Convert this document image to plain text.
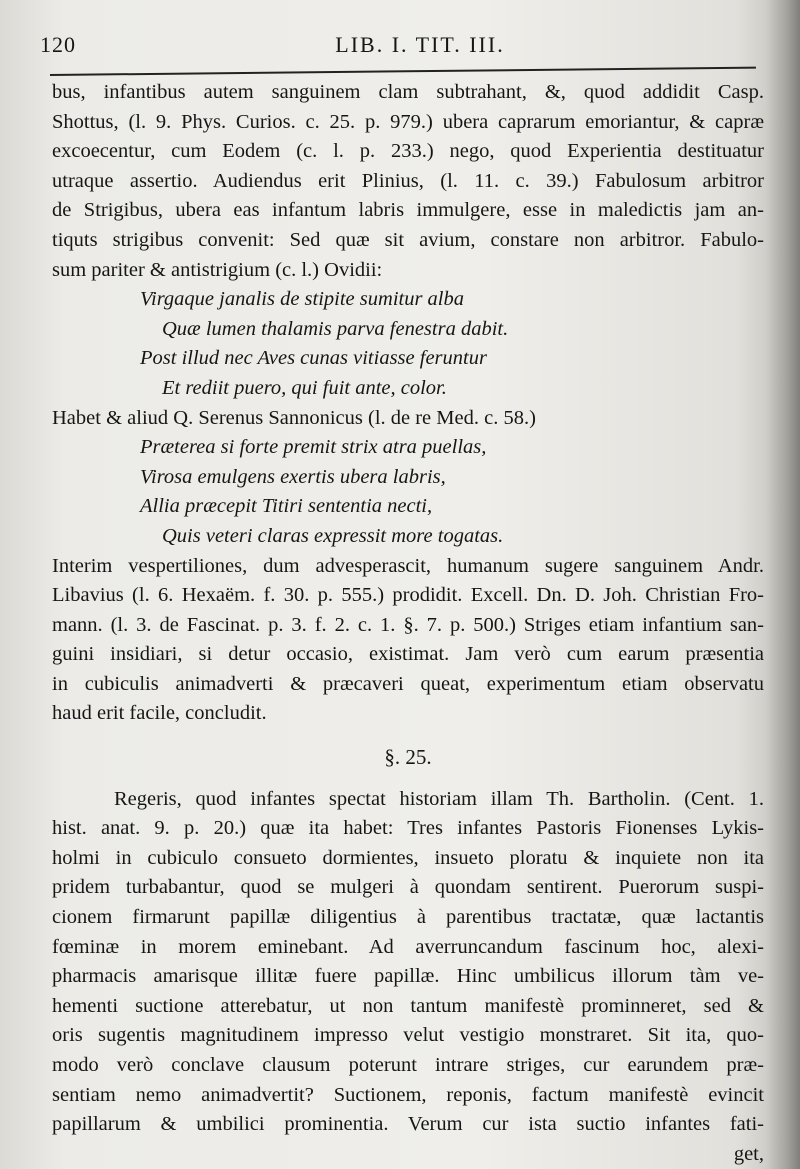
120	LIB. I. TIT. III.
bus, infantibus autem sanguinem clam subtrahant, &, quod addidit Casp.
Shottus, (l. 9. Phys. Curios. c. 25. p. 979.) ubera caprarum emoriantur, & capræ
excoecentur, cum Eodem (c. l. p. 233.) nego, quod Experientia destituatur
utraque assertio. Audiendus erit Plinius, (l. 11. c. 39.) Fabulosum arbitror
de Strigibus, ubera eas infantum labris immulgere, esse in maledictis jam an-
tiquts strigibus convenit: Sed quæ sit avium, constare non arbitror. Fabulo-
sum pariter & antistrigium (c. l.) Ovidii:
Virgaque janalis de stipite sumitur alba
Quæ lumen thalamis parva fenestra dabit.
Post illud nec Aves cunas vitiasse feruntur
Et rediit puero, qui fuit ante, color.
Habet & aliud Q. Serenus Sannonicus (l. de re Med. c. 58.)
Præterea si forte premit strix atra puellas,
Virosa emulgens exertis ubera labris,
Allia præcepit Titiri sententia necti,
Quis veteri claras expressit more togatas.
Interim vespertiliones, dum advesperascit, humanum sugere sanguinem Andr.
Libavius (l. 6. Hexaëm. f. 30. p. 555.) prodidit. Excell. Dn. D. Joh. Christian Fro-
mann. (l. 3. de Fascinat. p. 3. f. 2. c. 1. §. 7. p. 500.) Striges etiam infantium san-
guini insidiari, si detur occasio, existimat. Jam verò cum earum præsentia
in cubiculis animadverti & præcaveri queat, experimentum etiam observatu
haud erit facile, concludit.
§. 25.
Regeris, quod infantes spectat historiam illam Th. Bartholin. (Cent. 1.
hist. anat. 9. p. 20.) quæ ita habet: Tres infantes Pastoris Fionenses Lykis-
holmi in cubiculo consueto dormientes, insueto ploratu & inquiete non ita
pridem turbabantur, quod se mulgeri à quondam sentirent. Puerorum suspi-
cionem firmarunt papillæ diligentius à parentibus tractatæ, quæ lactantis
fœminæ in morem eminebant. Ad averruncandum fascinum hoc, alexi-
pharmacis amarisque illitæ fuere papillæ. Hinc umbilicus illorum tàm ve-
hementi suctione atterebatur, ut non tantum manifestè prominneret, sed &
oris sugentis magnitudinem impresso velut vestigio monstraret. Sit ita, quo-
modo verò conclave clausum poterunt intrare striges, cur earundem præ-
sentiam nemo animadvertit? Suctionem, reponis, factum manifestè evincit
papillarum & umbilici prominentia. Verum cur ista suctio infantes fati-
get,
